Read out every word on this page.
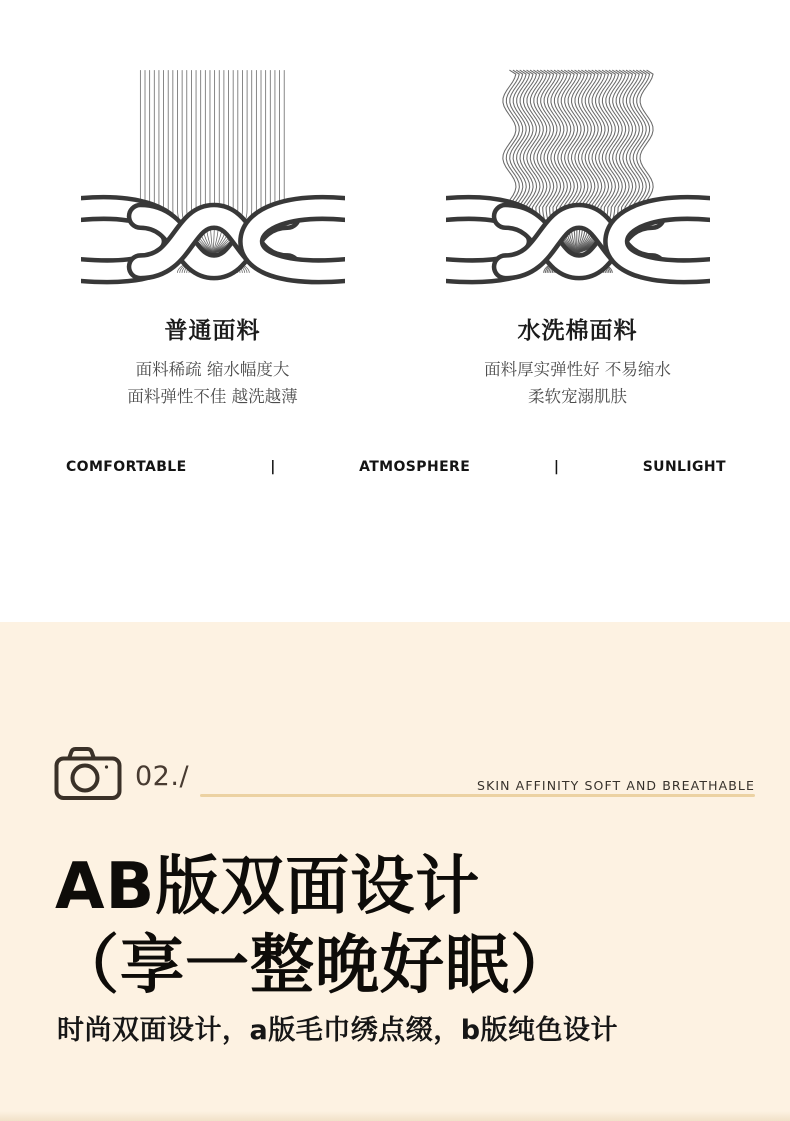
普通面料
面料稀疏 缩水幅度大
面料弹性不佳 越洗越薄
水洗棉面料
面料厚实弹性好 不易缩水
柔软宠溺肌肤
COMFORTABLE	|	ATMOSPHERE	|	SUNLIGHT
02./	SKIN AFFINITY SOFT AND BREATHABLE
AB版双面设计
（享一整晚好眠）
时尚双面设计，a版毛巾绣点缀，b版纯色设计
